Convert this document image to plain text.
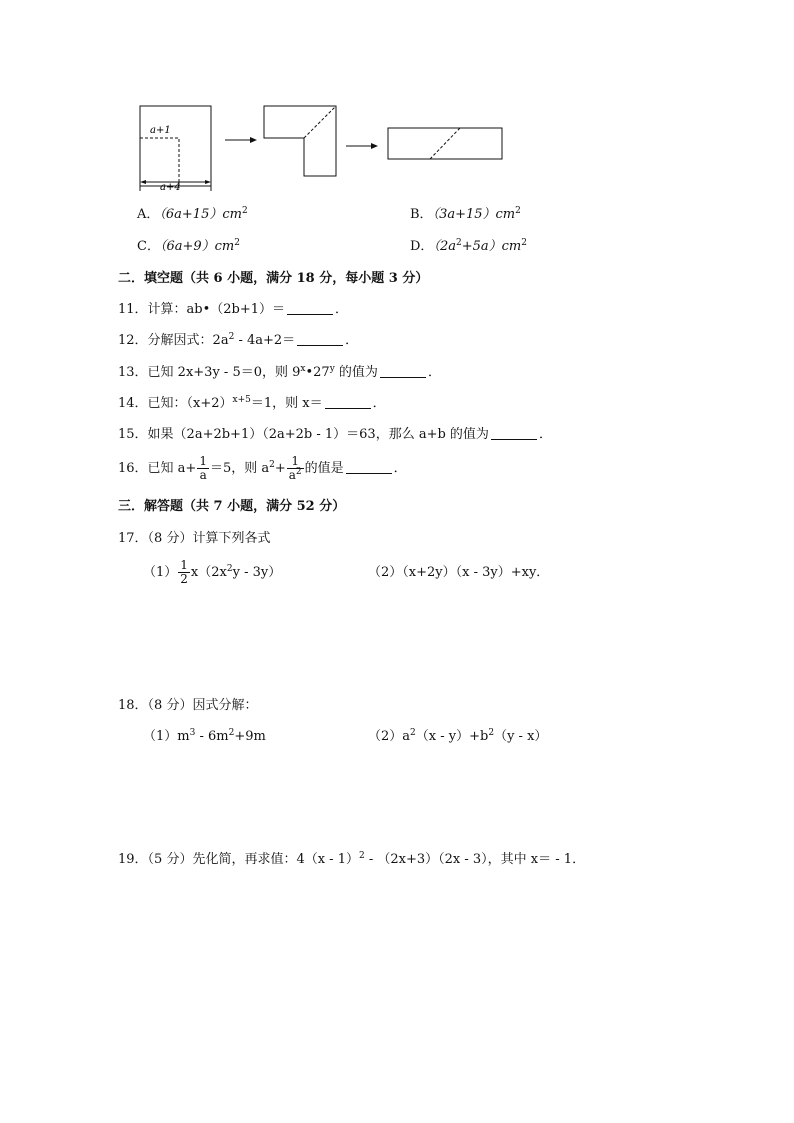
a+1
a+4
A．$(6a+15)cm^2$	B．$(3a+15)cm^2$
C．$(6a+9)cm^2$	D．$(2a^2+5a)cm^2$
二．填空题（共 6 小题，满分 18 分，每小题 3 分）
11．计算：ab•（2b+1）＝	．
12．分解因式：$2a^2 - 4a+2=$	．
13．已知 2x+3y - 5＝0，则 9$^x$•27$^y$ 的值为	．
14．已知：$(x+2)^{x+5}=1$，则 x＝	．
15．如果（2a+2b+1）（2a+2b - 1）＝63，那么 a+b 的值为	．
16．已知 $a+ \frac{1}{a} =5$，则 $a^2+ \frac{1}{a^2}$ 的值是	．
三．解答题（共 7 小题，满分 52 分）
17．（8 分）计算下列各式
$(1) \frac{1}{2} x(2x^2y - 3y)$	（2）（x+2y）（x - 3y）+xy．
18．（8 分）因式分解：
$(1)m^3 - 6m^2+9m$	$(2)a^2(x - y)+b^2(y - x)$
19．（5 分）先化简，再求值：4（x - 1）$^2$ - （2x+3）（2x - 3），其中 x＝ - 1．
